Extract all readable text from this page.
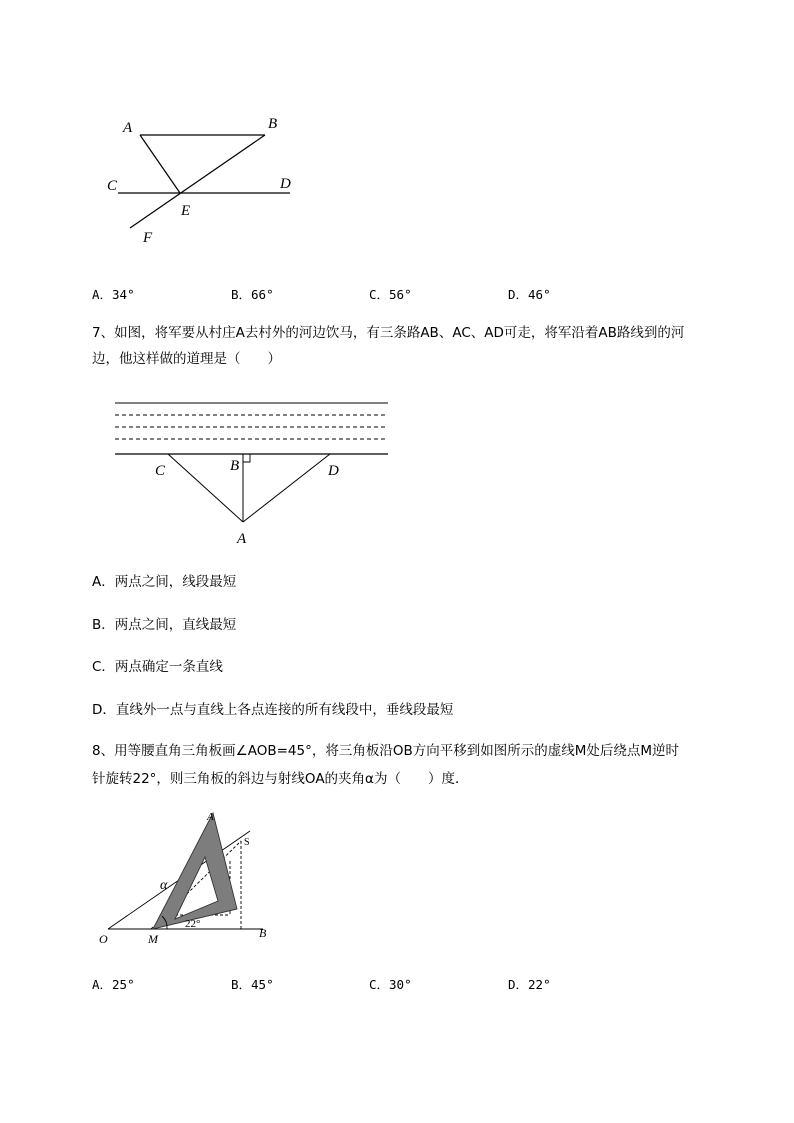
A	B
C	D
E
F
A．34°	B．66°	C．56°	D．46°
7、如图，将军要从村庄A去村外的河边饮马，有三条路AB、AC、AD可走，将军沿着AB路线到的河
边，他这样做的道理是（　　）
C	B	D
A
A．两点之间，线段最短
B．两点之间，直线最短
C．两点确定一条直线
D．直线外一点与直线上各点连接的所有线段中，垂线段最短
8、用等腰直角三角板画∠AOB=45°，将三角板沿OB方向平移到如图所示的虚线M处后绕点M逆时
针旋转22°，则三角板的斜边与射线OA的夹角α为（　　）度．
A
S
α
22°
O	M	B
A．25°	B．45°	C．30°	D．22°
